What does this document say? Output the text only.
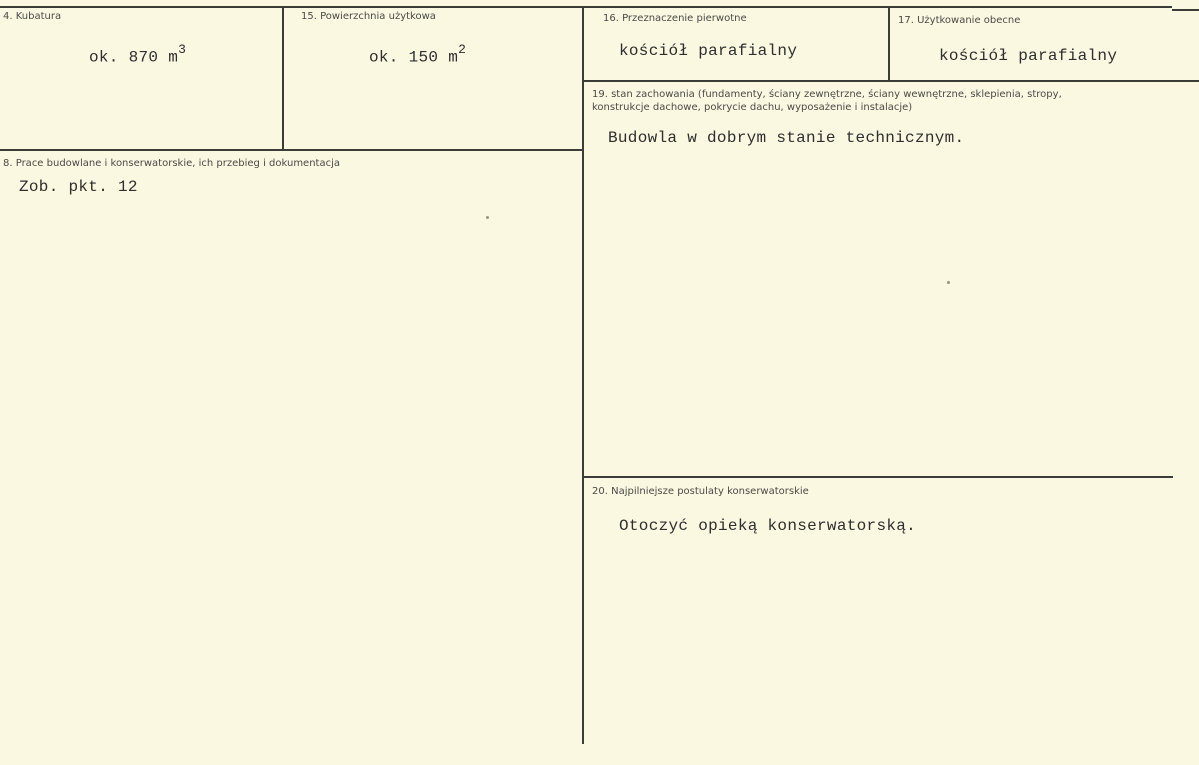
4. Kubatura
ok. 870 $m^3$
15. Powierzchnia użytkowa
ok. 150 $m^2$
16. Przeznaczenie pierwotne
kościół parafialny
17. Użytkowanie obecne
kościół parafialny
19. stan zachowania (fundamenty, ściany zewnętrzne, ściany wewnętrzne, sklepienia, stropy, konstrukcje dachowe, pokrycie dachu, wyposażenie i instalacje)
Budowla w dobrym stanie technicznym.
8. Prace budowlane i konserwatorskie, ich przebieg i dokumentacja
Zob. pkt. 12
20. Najpilniejsze postulaty konserwatorskie
Otoczyć opieką konserwatorską.
